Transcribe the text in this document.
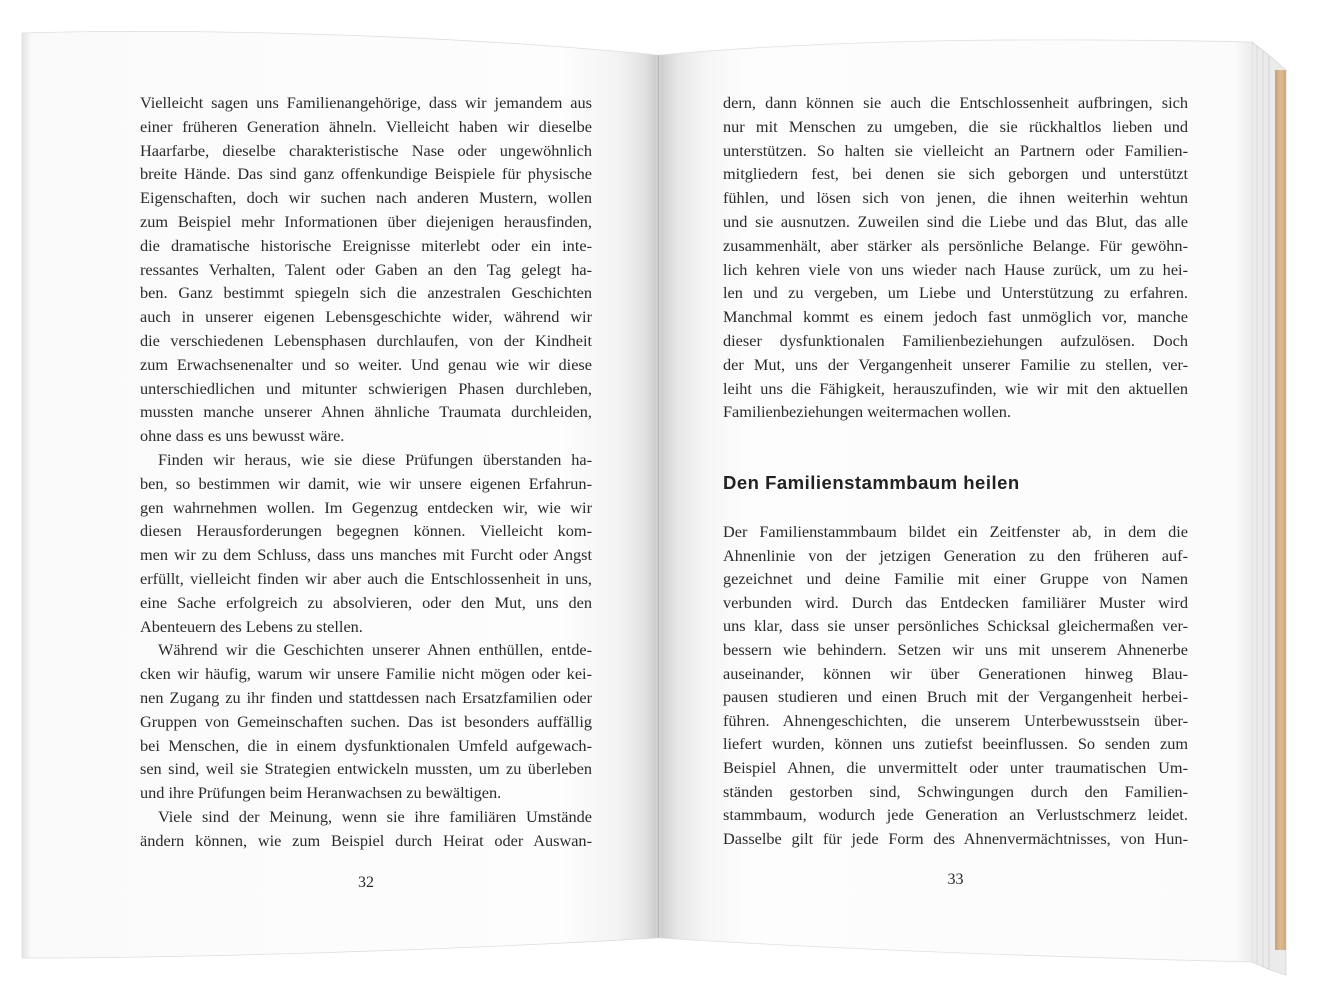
Vielleicht sagen uns Familienangehörige, dass wir jemandem aus
einer früheren Generation ähneln. Vielleicht haben wir dieselbe
Haarfarbe, dieselbe charakteristische Nase oder ungewöhnlich
breite Hände. Das sind ganz offenkundige Beispiele für physische
Eigenschaften, doch wir suchen nach anderen Mustern, wollen
zum Beispiel mehr Informationen über diejenigen herausfinden,
die dramatische historische Ereignisse miterlebt oder ein inte-
ressantes Verhalten, Talent oder Gaben an den Tag gelegt ha-
ben. Ganz bestimmt spiegeln sich die anzestralen Geschichten
auch in unserer eigenen Lebensgeschichte wider, während wir
die verschiedenen Lebensphasen durchlaufen, von der Kindheit
zum Erwachsenenalter und so weiter. Und genau wie wir diese
unterschiedlichen und mitunter schwierigen Phasen durchleben,
mussten manche unserer Ahnen ähnliche Traumata durchleiden,
ohne dass es uns bewusst wäre.
Finden wir heraus, wie sie diese Prüfungen überstanden ha-
ben, so bestimmen wir damit, wie wir unsere eigenen Erfahrun-
gen wahrnehmen wollen. Im Gegenzug entdecken wir, wie wir
diesen Herausforderungen begegnen können. Vielleicht kom-
men wir zu dem Schluss, dass uns manches mit Furcht oder Angst
erfüllt, vielleicht finden wir aber auch die Entschlossenheit in uns,
eine Sache erfolgreich zu absolvieren, oder den Mut, uns den
Abenteuern des Lebens zu stellen.
Während wir die Geschichten unserer Ahnen enthüllen, entde-
cken wir häufig, warum wir unsere Familie nicht mögen oder kei-
nen Zugang zu ihr finden und stattdessen nach Ersatzfamilien oder
Gruppen von Gemeinschaften suchen. Das ist besonders auffällig
bei Menschen, die in einem dysfunktionalen Umfeld aufgewach-
sen sind, weil sie Strategien entwickeln mussten, um zu überleben
und ihre Prüfungen beim Heranwachsen zu bewältigen.
Viele sind der Meinung, wenn sie ihre familiären Umstände
ändern können, wie zum Beispiel durch Heirat oder Auswan-
32
dern, dann können sie auch die Entschlossenheit aufbringen, sich
nur mit Menschen zu umgeben, die sie rückhaltlos lieben und
unterstützen. So halten sie vielleicht an Partnern oder Familien-
mitgliedern fest, bei denen sie sich geborgen und unterstützt
fühlen, und lösen sich von jenen, die ihnen weiterhin wehtun
und sie ausnutzen. Zuweilen sind die Liebe und das Blut, das alle
zusammenhält, aber stärker als persönliche Belange. Für gewöhn-
lich kehren viele von uns wieder nach Hause zurück, um zu hei-
len und zu vergeben, um Liebe und Unterstützung zu erfahren.
Manchmal kommt es einem jedoch fast unmöglich vor, manche
dieser dysfunktionalen Familienbeziehungen aufzulösen. Doch
der Mut, uns der Vergangenheit unserer Familie zu stellen, ver-
leiht uns die Fähigkeit, herauszufinden, wie wir mit den aktuellen
Familienbeziehungen weitermachen wollen.
Den Familienstammbaum heilen
Der Familienstammbaum bildet ein Zeitfenster ab, in dem die
Ahnenlinie von der jetzigen Generation zu den früheren auf-
gezeichnet und deine Familie mit einer Gruppe von Namen
verbunden wird. Durch das Entdecken familiärer Muster wird
uns klar, dass sie unser persönliches Schicksal gleichermaßen ver-
bessern wie behindern. Setzen wir uns mit unserem Ahnenerbe
auseinander, können wir über Generationen hinweg Blau-
pausen studieren und einen Bruch mit der Vergangenheit herbei-
führen. Ahnengeschichten, die unserem Unterbewusstsein über-
liefert wurden, können uns zutiefst beeinflussen. So senden zum
Beispiel Ahnen, die unvermittelt oder unter traumatischen Um-
ständen gestorben sind, Schwingungen durch den Familien-
stammbaum, wodurch jede Generation an Verlustschmerz leidet.
Dasselbe gilt für jede Form des Ahnenvermächtnisses, von Hun-
33
